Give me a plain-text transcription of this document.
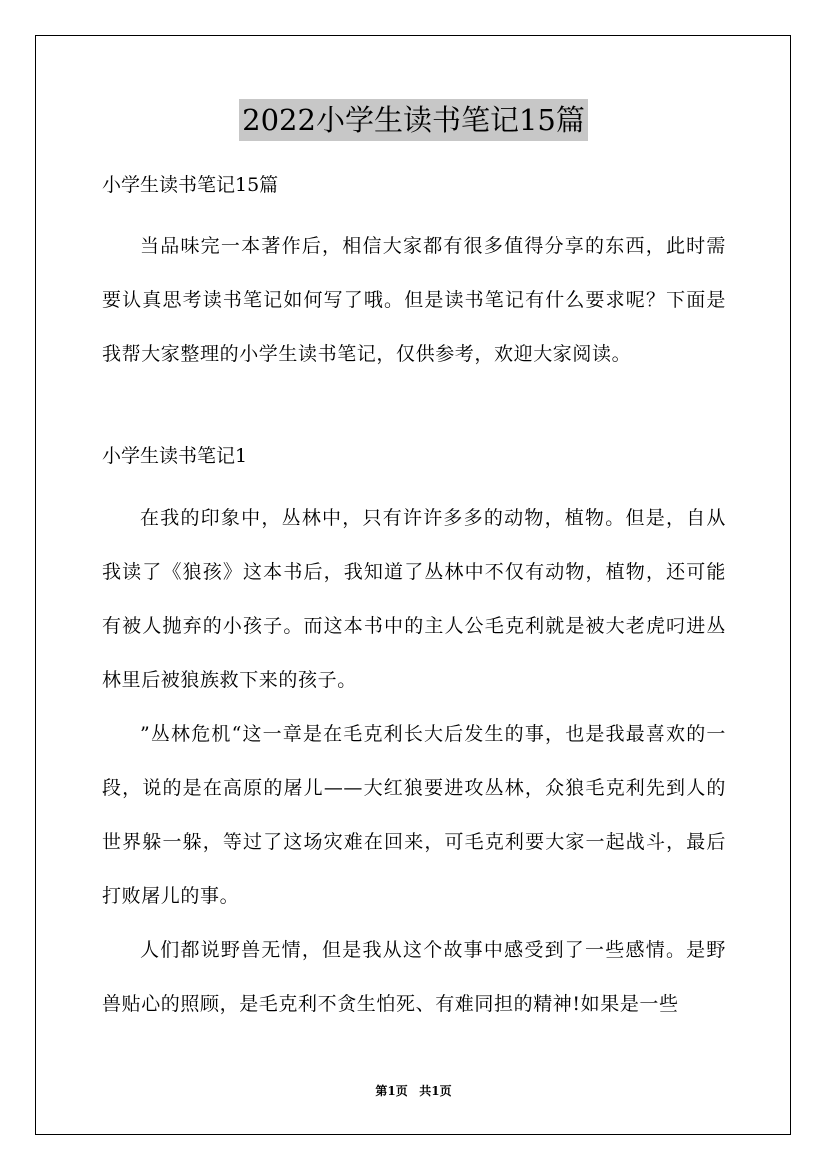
2022小学生读书笔记15篇

小学生读书笔记15篇

当品味完一本著作后，相信大家都有很多值得分享的东西，此时需要认真思考读书笔记如何写了哦。但是读书笔记有什么要求呢？下面是我帮大家整理的小学生读书笔记，仅供参考，欢迎大家阅读。

小学生读书笔记1

在我的印象中，丛林中，只有许许多多的动物，植物。但是，自从我读了《狼孩》这本书后，我知道了丛林中不仅有动物，植物，还可能有被人抛弃的小孩子。而这本书中的主人公毛克利就是被大老虎叼进丛林里后被狼族救下来的孩子。

”丛林危机“这一章是在毛克利长大后发生的事，也是我最喜欢的一段，说的是在高原的屠儿——大红狼要进攻丛林，众狼毛克利先到人的世界躲一躲，等过了这场灾难在回来，可毛克利要大家一起战斗，最后打败屠儿的事。

人们都说野兽无情，但是我从这个故事中感受到了一些感情。是野兽贴心的照顾，是毛克利不贪生怕死、有难同担的精神!如果是一些

第1页 共1页
